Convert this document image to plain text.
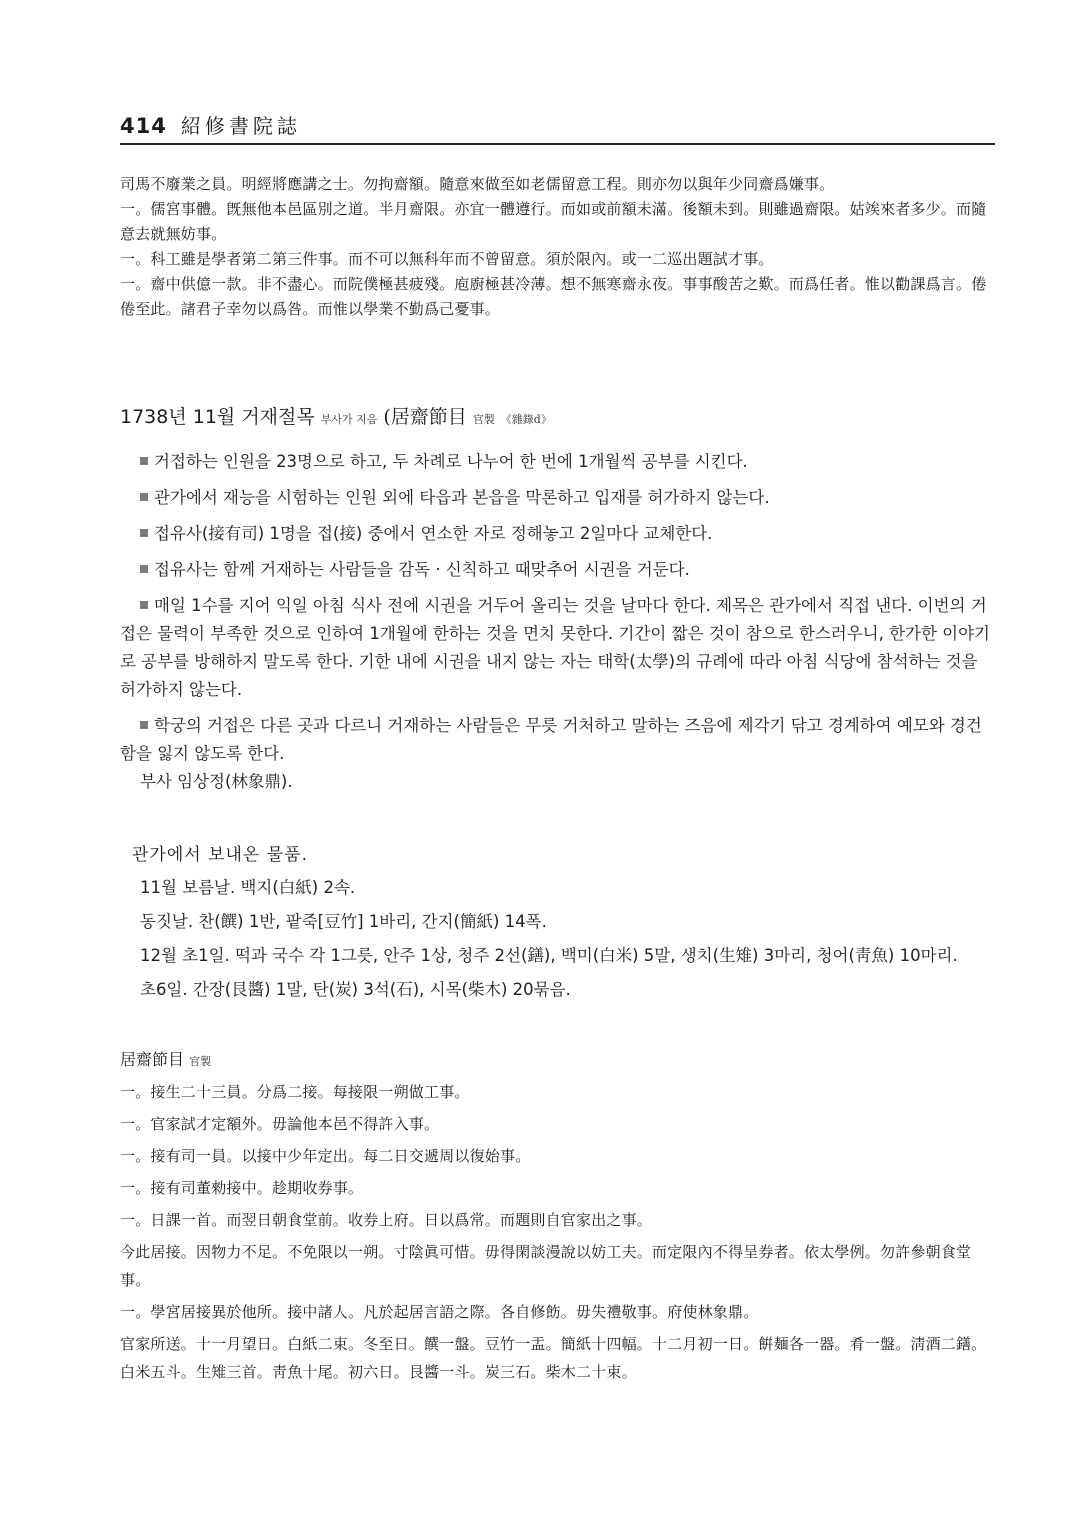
414 紹修書院誌

司馬不廢業之員。明經將應講之士。勿拘齋額。隨意來做至如老儒留意工程。則亦勿以與年少同齋爲嫌事。

一。儒宮事體。旣無他本邑區別之道。半月齋限。亦宜一體遵行。而如或前額未滿。後額未到。則雖過齋限。姑竢來者多少。而隨意去就無妨事。

一。科工雖是學者第二第三件事。而不可以無科年而不曾留意。須於限內。或一二巡出題試才事。

一。齋中供億一款。非不盡心。而院僕極甚疲殘。庖廚極甚冷薄。想不無寒齋永夜。事事酸苦之歎。而爲任者。惟以勸課爲言。倦倦至此。諸君子幸勿以爲咎。而惟以學業不勤爲己憂事。

1738년 11월 거재절목 부사가 지음 (居齋節目 官製 《雜錄d》

거접하는 인원을 23명으로 하고, 두 차례로 나누어 한 번에 1개월씩 공부를 시킨다.

관가에서 재능을 시험하는 인원 외에 타읍과 본읍을 막론하고 입재를 허가하지 않는다.

접유사(接有司) 1명을 접(接) 중에서 연소한 자로 정해놓고 2일마다 교체한다.

접유사는 함께 거재하는 사람들을 감독 · 신칙하고 때맞추어 시권을 거둔다.

매일 1수를 지어 익일 아침 식사 전에 시권을 거두어 올리는 것을 날마다 한다. 제목은 관가에서 직접 낸다. 이번의 거접은 물력이 부족한 것으로 인하여 1개월에 한하는 것을 면치 못한다. 기간이 짧은 것이 참으로 한스러우니, 한가한 이야기로 공부를 방해하지 말도록 한다. 기한 내에 시권을 내지 않는 자는 태학(太學)의 규례에 따라 아침 식당에 참석하는 것을 허가하지 않는다.

학궁의 거접은 다른 곳과 다르니 거재하는 사람들은 무릇 거처하고 말하는 즈음에 제각기 닦고 경계하여 예모와 경건함을 잃지 않도록 한다.

부사 임상정(林象鼎).

관가에서 보내온 물품.

11월 보름날. 백지(白紙) 2속.

동짓날. 찬(饌) 1반, 팥죽[豆竹] 1바리, 간지(簡紙) 14폭.

12월 초1일. 떡과 국수 각 1그릇, 안주 1상, 청주 2선(鐥), 백미(白米) 5말, 생치(生雉) 3마리, 청어(靑魚) 10마리.

초6일. 간장(艮醬) 1말, 탄(炭) 3석(石), 시목(柴木) 20묶음.

居齋節目 官製

一。接生二十三員。分爲二接。每接限一朔做工事。

一。官家試才定額外。毋論他本邑不得許入事。

一。接有司一員。以接中少年定出。每二日交遞周以復始事。

一。接有司董勑接中。趁期收券事。

一。日課一首。而翌日朝食堂前。收券上府。日以爲常。而題則自官家出之事。

今此居接。因物力不足。不免限以一朔。寸陰眞可惜。毋得閑談漫說以妨工夫。而定限內不得呈券者。依太學例。勿許參朝食堂事。

一。學宮居接異於他所。接中諸人。凡於起居言語之際。各自修飭。毋失禮敬事。府使林象鼎。

官家所送。十一月望日。白紙二束。冬至日。饌一盤。豆竹一盂。簡紙十四幅。十二月初一日。餠麺各一器。肴一盤。淸酒二鐥。白米五斗。生雉三首。靑魚十尾。初六日。艮醬一斗。炭三石。柴木二十束。
